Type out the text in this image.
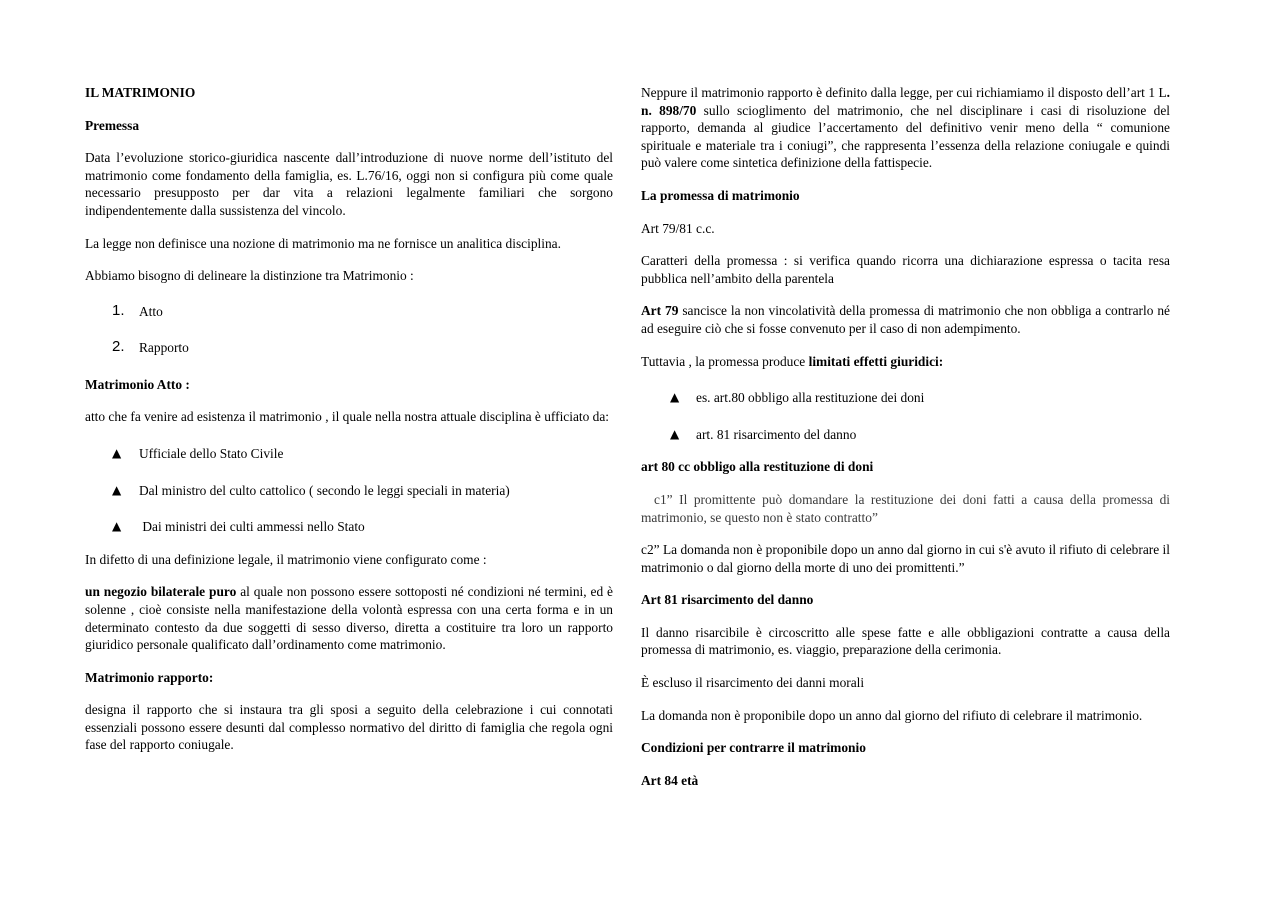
IL MATRIMONIO

Premessa

Data l’evoluzione storico-giuridica nascente dall’introduzione di nuove norme dell’istituto del matrimonio come fondamento della famiglia, es. L.76/16, oggi non si configura più come quale necessario presupposto per dar vita a relazioni legalmente familiari che sorgono indipendentemente dalla sussistenza del vincolo.

La legge non definisce una nozione di matrimonio ma ne fornisce un analitica disciplina.

Abbiamo bisogno di delineare la distinzione tra Matrimonio :

1. Atto
2. Rapporto

Matrimonio Atto :

atto che fa venire ad esistenza il matrimonio , il quale nella nostra attuale disciplina è ufficiato da:

▲ Ufficiale dello Stato Civile
▲ Dal ministro del culto cattolico ( secondo le leggi speciali in materia)
▲ Dai ministri dei culti ammessi nello Stato

In difetto di una definizione legale, il matrimonio viene configurato come :

un negozio bilaterale puro al quale non possono essere sottoposti né condizioni né termini, ed è solenne , cioè consiste nella manifestazione della volontà espressa con una certa forma e in un determinato contesto da due soggetti di sesso diverso, diretta a costituire tra loro un rapporto giuridico personale qualificato dall’ordinamento come matrimonio.

Matrimonio rapporto:

designa il rapporto che si instaura tra gli sposi a seguito della celebrazione i cui connotati essenziali possono essere desunti dal complesso normativo del diritto di famiglia che regola ogni fase del rapporto coniugale.

Neppure il matrimonio rapporto è definito dalla legge, per cui richiamiamo il disposto dell’art 1 L. n. 898/70 sullo scioglimento del matrimonio, che nel disciplinare i casi di risoluzione del rapporto, demanda al giudice l’accertamento del definitivo venir meno della “ comunione spirituale e materiale tra i coniugi”, che rappresenta l’essenza della relazione coniugale e quindi può valere come sintetica definizione della fattispecie.

La promessa di matrimonio

Art 79/81 c.c.

Caratteri della promessa : si verifica quando ricorra una dichiarazione espressa o tacita resa pubblica nell’ambito della parentela

Art 79 sancisce la non vincolatività della promessa di matrimonio che non obbliga a contrarlo né ad eseguire ciò che si fosse convenuto per il caso di non adempimento.

Tuttavia , la promessa produce limitati effetti giuridici:

▲ es. art.80 obbligo alla restituzione dei doni
▲ art. 81 risarcimento del danno

art 80 cc obbligo alla restituzione di doni

c1” Il promittente può domandare la restituzione dei doni fatti a causa della promessa di matrimonio, se questo non è stato contratto”

c2” La domanda non è proponibile dopo un anno dal giorno in cui s'è avuto il rifiuto di celebrare il matrimonio o dal giorno della morte di uno dei promittenti.”

Art 81 risarcimento del danno

Il danno risarcibile è circoscritto alle spese fatte e alle obbligazioni contratte a causa della promessa di matrimonio, es. viaggio, preparazione della cerimonia.

È escluso il risarcimento dei danni morali

La domanda non è proponibile dopo un anno dal giorno del rifiuto di celebrare il matrimonio.

Condizioni per contrarre il matrimonio

Art 84 età
